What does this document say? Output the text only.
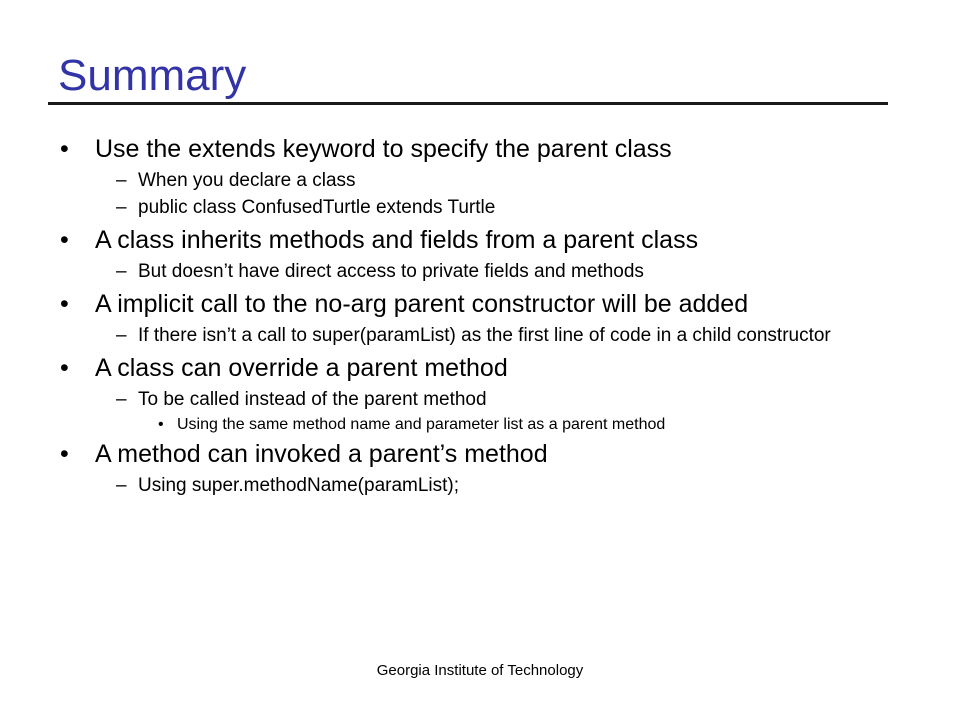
Summary
• Use the extends keyword to specify the parent class
– When you declare a class
– public class ConfusedTurtle extends Turtle
• A class inherits methods and fields from a parent class
– But doesn’t have direct access to private fields and methods
• A implicit call to the no-arg parent constructor will be added
– If there isn’t a call to super(paramList) as the first line of code in a child constructor
• A class can override a parent method
– To be called instead of the parent method
• Using the same method name and parameter list as a parent method
• A method can invoked a parent’s method
– Using super.methodName(paramList);
Georgia Institute of Technology
